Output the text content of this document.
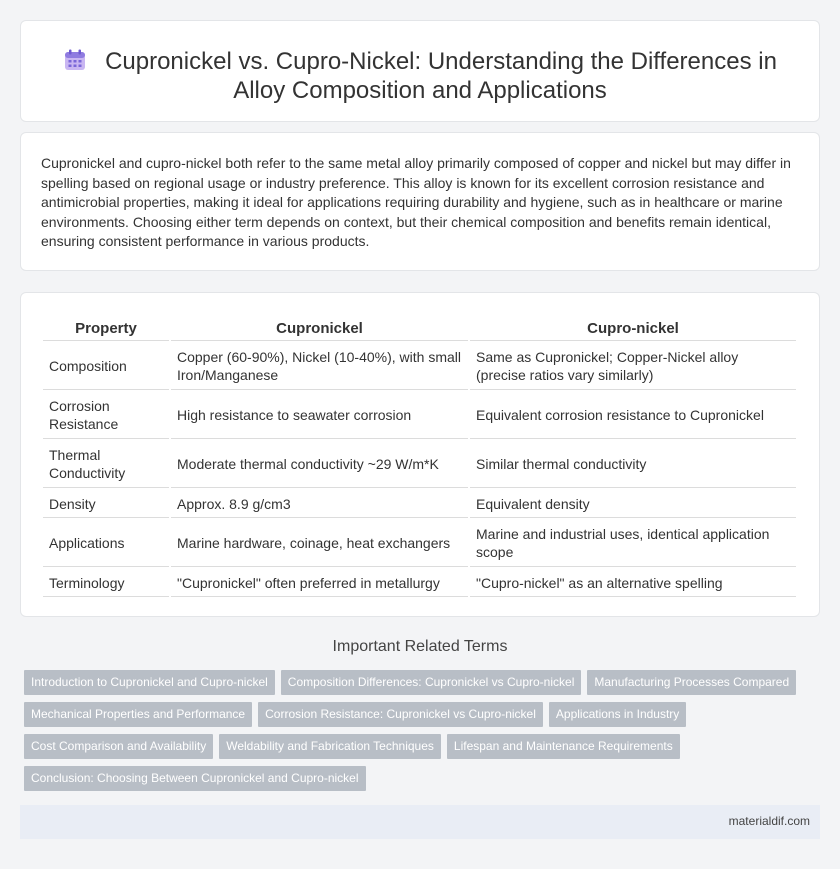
Cupronickel vs. Cupro-Nickel: Understanding the Differences in
Alloy Composition and Applications

Cupronickel and cupro-nickel both refer to the same metal alloy primarily composed of copper and nickel but may differ in spelling based on regional usage or industry preference. This alloy is known for its excellent corrosion resistance and antimicrobial properties, making it ideal for applications requiring durability and hygiene, such as in healthcare or marine environments. Choosing either term depends on context, but their chemical composition and benefits remain identical, ensuring consistent performance in various products.

Property	Cupronickel	Cupro-nickel
Composition	Copper (60-90%), Nickel (10-40%), with small Iron/Manganese	Same as Cupronickel; Copper-Nickel alloy (precise ratios vary similarly)
Corrosion Resistance	High resistance to seawater corrosion	Equivalent corrosion resistance to Cupronickel
Thermal Conductivity	Moderate thermal conductivity ~29 W/m*K	Similar thermal conductivity
Density	Approx. 8.9 g/cm3	Equivalent density
Applications	Marine hardware, coinage, heat exchangers	Marine and industrial uses, identical application scope
Terminology	"Cupronickel" often preferred in metallurgy	"Cupro-nickel" as an alternative spelling
Important Related Terms
Introduction to Cupronickel and Cupro-nickel Composition Differences: Cupronickel vs Cupro-nickel Manufacturing Processes Compared
Mechanical Properties and Performance Corrosion Resistance: Cupronickel vs Cupro-nickel Applications in Industry
Cost Comparison and Availability Weldability and Fabrication Techniques Lifespan and Maintenance Requirements
Conclusion: Choosing Between Cupronickel and Cupro-nickel
materialdif.com
